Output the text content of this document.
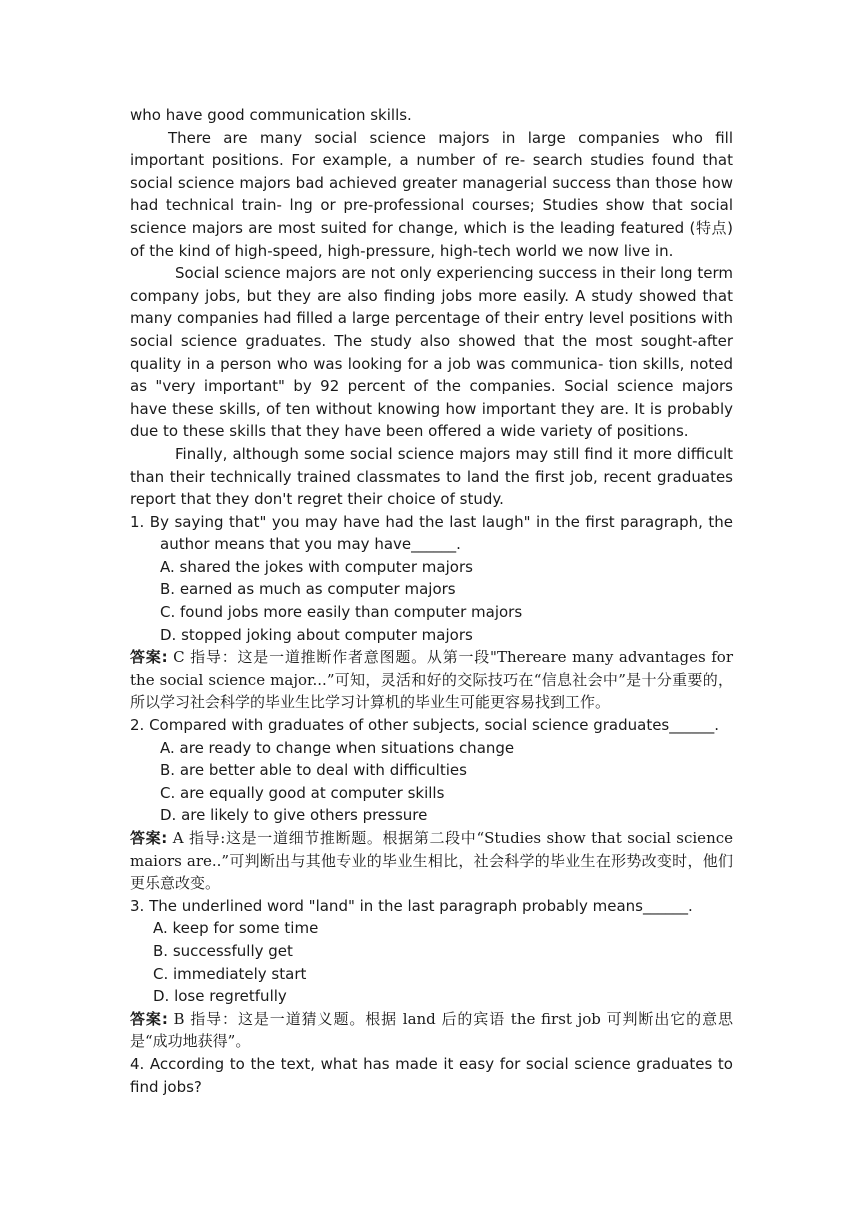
who have good communication skills.

There are many social science majors in large companies who fill important positions. For example, a number of re- search studies found that social science majors bad achieved greater managerial success than those how had technical train- lng or pre-professional courses; Studies show that social science majors are most suited for change, which is the leading featured (特点) of the kind of high-speed, high-pressure, high-tech world we now live in.

Social science majors are not only experiencing success in their long term company jobs, but they are also finding jobs more easily. A study showed that many companies had filled a large percentage of their entry level positions with social science graduates. The study also showed that the most sought-after quality in a person who was looking for a job was communica- tion skills, noted as "very important" by 92 percent of the companies. Social science majors have these skills, of ten without knowing how important they are. It is probably due to these skills that they have been offered a wide variety of positions.

Finally, although some social science majors may still find it more difficult than their technically trained classmates to land the first job, recent graduates report that they don't regret their choice of study.

1. By saying that" you may have had the last laugh" in the first paragraph, the author means that you may have______.

A. shared the jokes with computer majors

B. earned as much as computer majors

C. found jobs more easily than computer majors

D. stopped joking about computer majors

答案: C 指导：这是一道推断作者意图题。从第一段"Thereare many advantages for the social science major...”可知，灵活和好的交际技巧在“信息社会中”是十分重要的，所以学习社会科学的毕业生比学习计算机的毕业生可能更容易找到工作。

2. Compared with graduates of other subjects, social science graduates______.

A. are ready to change when situations change

B. are better able to deal with difficulties

C. are equally good at computer skills

D. are likely to give others pressure

答案: A 指导:这是一道细节推断题。根据第二段中“Studies show that social science maiors are..”可判断出与其他专业的毕业生相比，社会科学的毕业生在形势改变时，他们更乐意改变。

3. The underlined word "land" in the last paragraph probably means______.

A. keep for some time

B. successfully get

C. immediately start

D. lose regretfully

答案: B 指导：这是一道猜义题。根据 land 后的宾语 the first job 可判断出它的意思是“成功地获得”。

4. According to the text, what has made it easy for social science graduates to find jobs?
